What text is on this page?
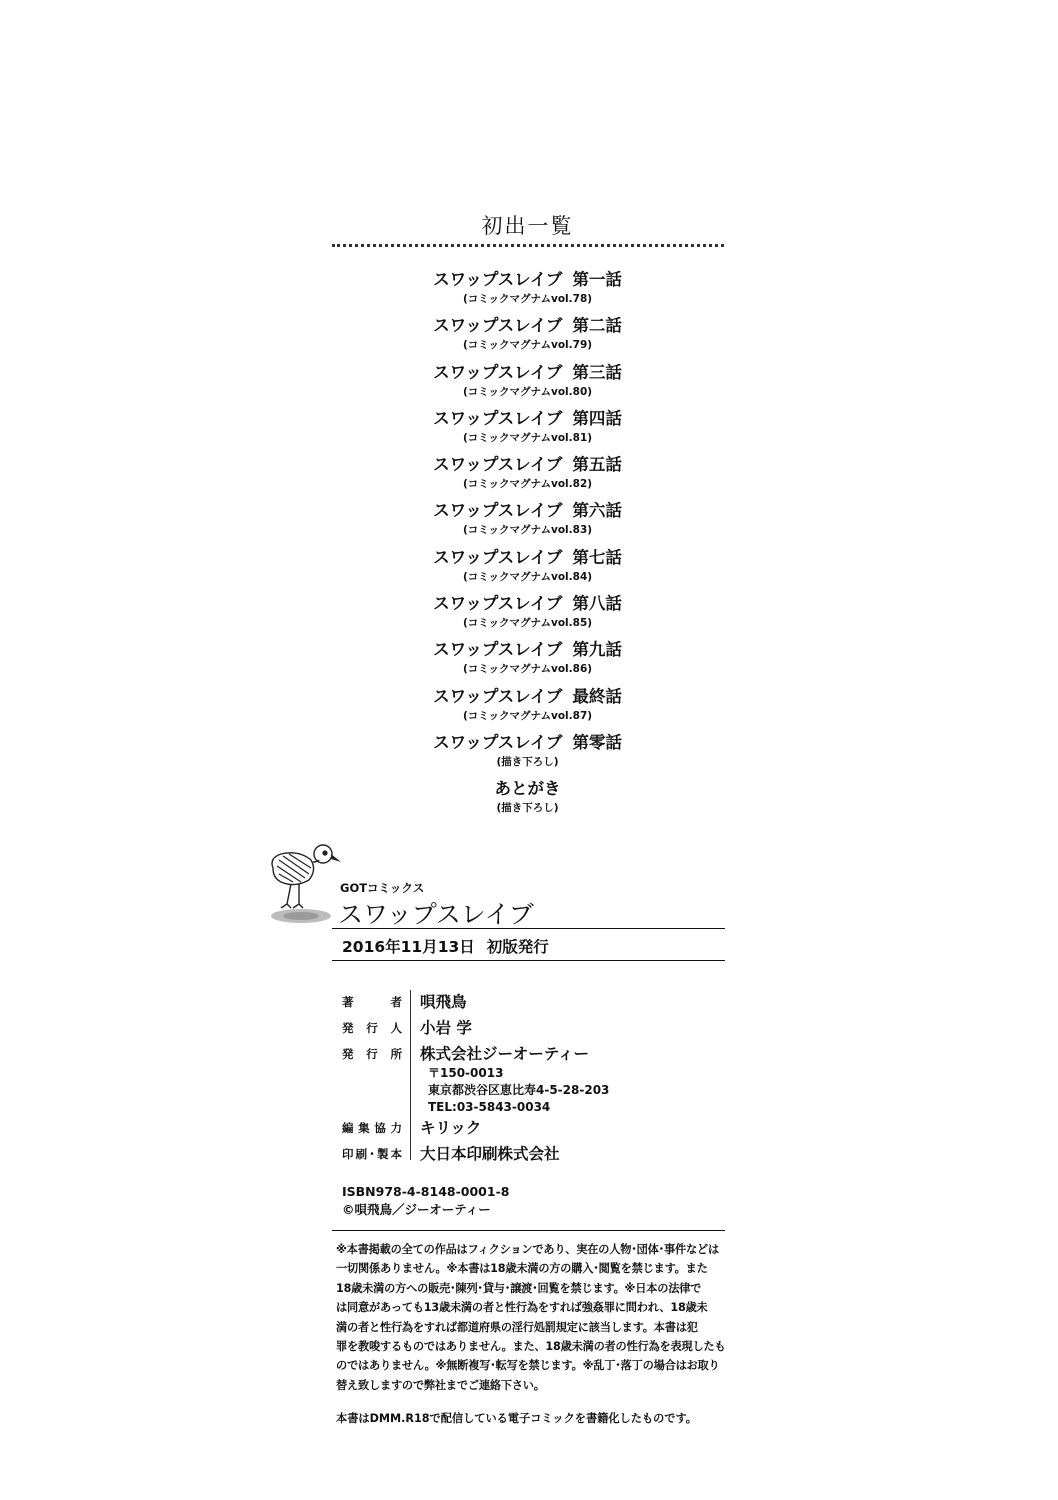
初出一覧
スワップスレイブ 第一話
(コミックマグナムvol.78)
スワップスレイブ 第二話
(コミックマグナムvol.79)
スワップスレイブ 第三話
(コミックマグナムvol.80)
スワップスレイブ 第四話
(コミックマグナムvol.81)
スワップスレイブ 第五話
(コミックマグナムvol.82)
スワップスレイブ 第六話
(コミックマグナムvol.83)
スワップスレイブ 第七話
(コミックマグナムvol.84)
スワップスレイブ 第八話
(コミックマグナムvol.85)
スワップスレイブ 第九話
(コミックマグナムvol.86)
スワップスレイブ 最終話
(コミックマグナムvol.87)
スワップスレイブ 第零話
(描き下ろし)
あとがき
(描き下ろし)
GOTコミックス
スワップスレイブ
2016年11月13日 初版発行
著	者 唄飛鳥
発 行 人 小岩 学
発 行 所 株式会社ジーオーティー
〒150-0013
東京都渋谷区恵比寿4-5-28-203
TEL:03-5843-0034
編 集 協 力 キリック
印 刷 ･ 製 本 大日本印刷株式会社
ISBN978-4-8148-0001-8
©唄飛鳥／ジーオーティー
※本書掲載の全ての作品はフィクションであり、実在の人物･団体･事件などは
一切関係ありません。※本書は18歳未満の方の購入･閲覧を禁じます。また
18歳未満の方への販売･陳列･貸与･譲渡･回覧を禁じます。※日本の法律で
は同意があっても13歳未満の者と性行為をすれば強姦罪に問われ、18歳未
満の者と性行為をすれば都道府県の淫行処罰規定に該当します。本書は犯
罪を教唆するものではありません。また、18歳未満の者の性行為を表現したも
のではありません。※無断複写･転写を禁じます。※乱丁･落丁の場合はお取り
替え致しますので弊社までご連絡下さい。
本書はDMM.R18で配信している電子コミックを書籍化したものです。
